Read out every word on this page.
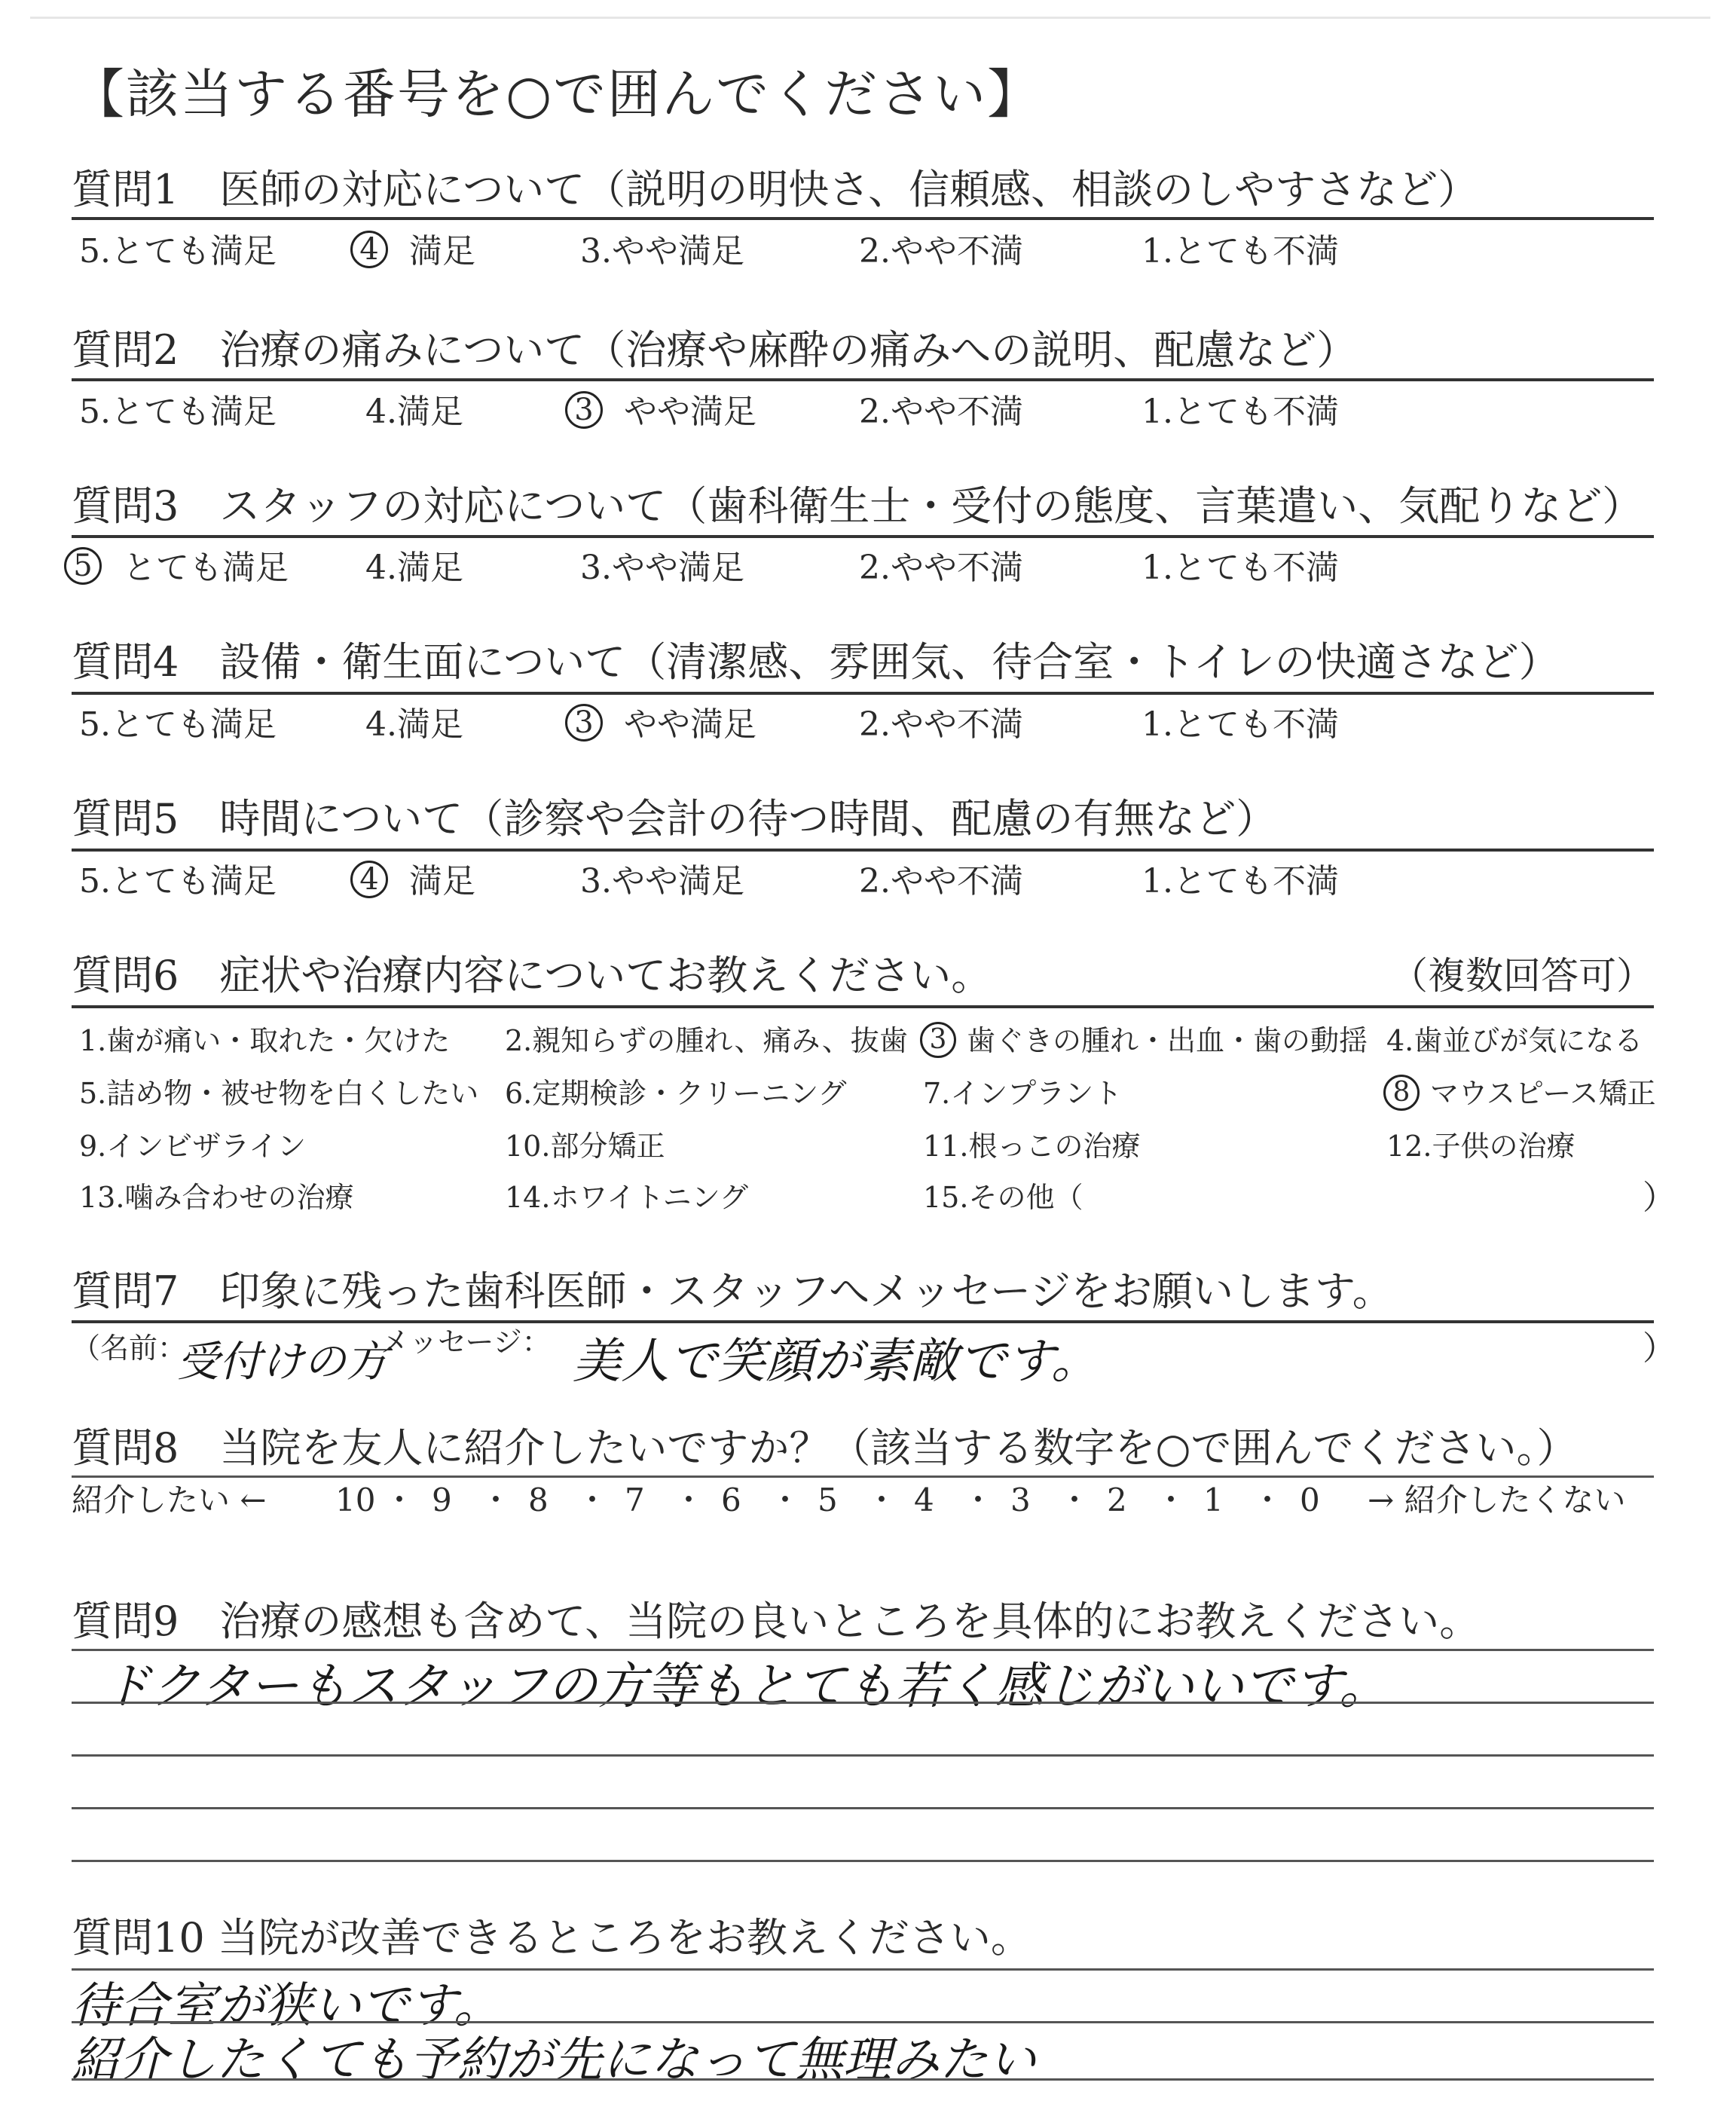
【該当する番号を○で囲んでください】
質問1　医師の対応について（説明の明快さ、信頼感、相談のしやすさなど）
5.とても満足	4 満足	3.やや満足	2.やや不満	1.とても不満
質問2　治療の痛みについて（治療や麻酔の痛みへの説明、配慮など）
5.とても満足	4.満足	3 やや満足	2.やや不満	1.とても不満
質問3　スタッフの対応について（歯科衛生士・受付の態度、言葉遣い、気配りなど）
5 とても満足 4.満足	3.やや満足	2.やや不満	1.とても不満
質問4　設備・衛生面について（清潔感、雰囲気、待合室・トイレの快適さなど）
5.とても満足	4.満足	3 やや満足	2.やや不満	1.とても不満
質問5　時間について（診察や会計の待つ時間、配慮の有無など）
5.とても満足	4 満足	3.やや満足	2.やや不満	1.とても不満
質問6　症状や治療内容についてお教えください。	（複数回答可）
1.歯が痛い・取れた・欠けた 2.親知らずの腫れ、痛み、抜歯 3 歯ぐきの腫れ・出血・歯の動揺 4.歯並びが気になる
5.詰め物・被せ物を白くしたい 6.定期検診・クリーニング	7.インプラント	8 マウスピース矯正
9.インビザライン	10.部分矯正	11.根っこの治療	12.子供の治療
13.噛み合わせの治療	14.ホワイトニング	15.その他（	）
質問7　印象に残った歯科医師・スタッフへメッセージをお願いします。
（名前：
受付けの方
メッセージ： 美人で笑顔が素敵です。	）
質問8　当院を友人に紹介したいですか？（該当する数字を○で囲んでください。）
紹介したい ← 10 ・ 9 ・ 8 ・ 7 ・ 6 ・ 5 ・ 4 ・ 3 ・ 2 ・ 1 ・ 0 → 紹介したくない
質問9　治療の感想も含めて、当院の良いところを具体的にお教えください。
ドクターもスタッフの方等もとても若く感じがいいです。
質問10 当院が改善できるところをお教えください。
待合室が狭いです。
紹介したくても予約が先になって無理みたい
